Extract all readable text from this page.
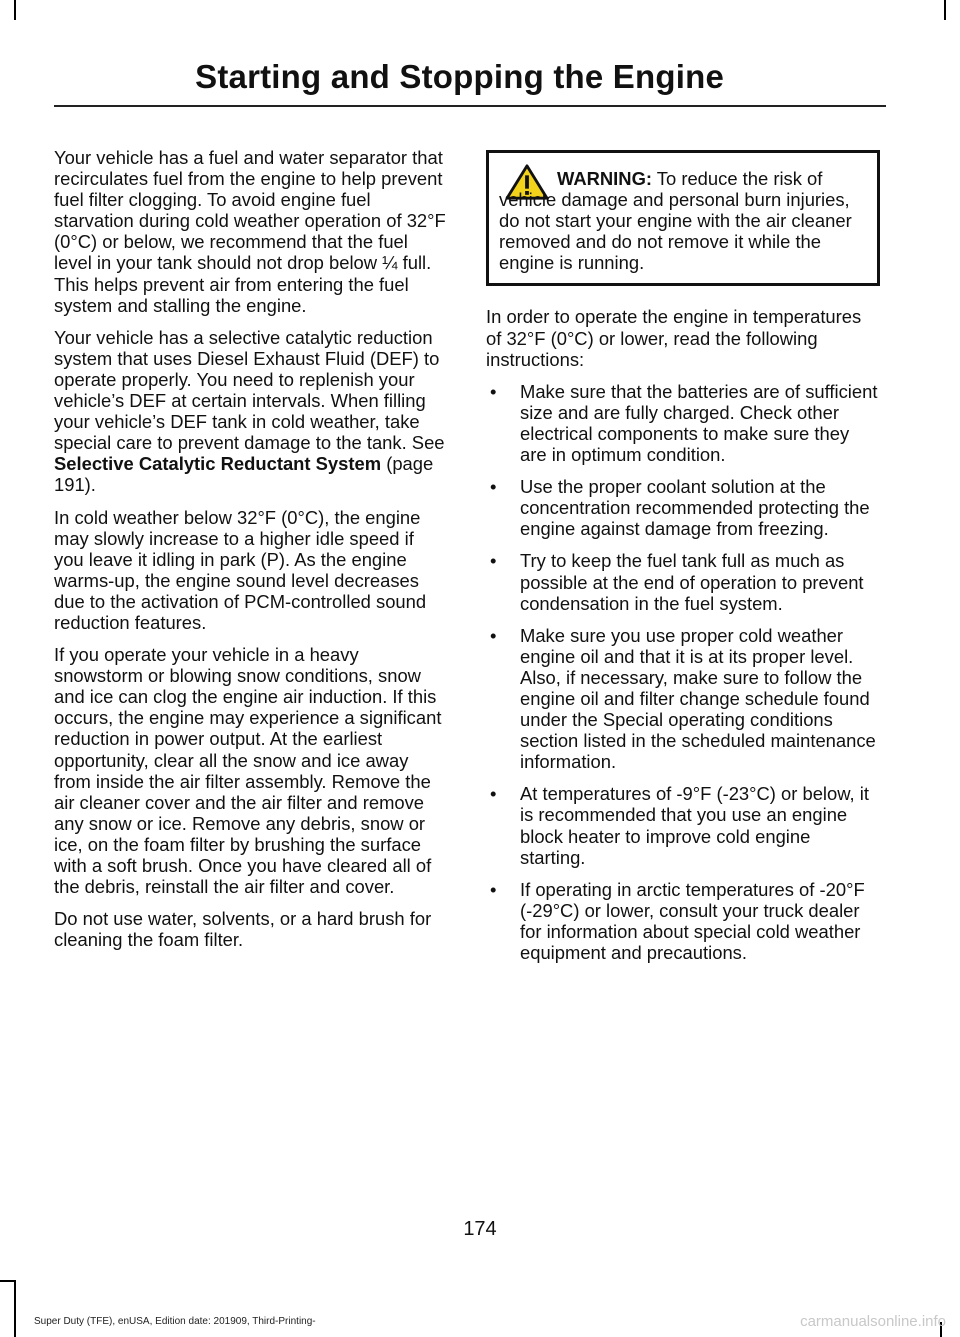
Starting and Stopping the Engine

Your vehicle has a fuel and water separator that recirculates fuel from the engine to help prevent fuel filter clogging. To avoid engine fuel starvation during cold weather operation of 32°F (0°C) or below, we recommend that the fuel level in your tank should not drop below ¼ full. This helps prevent air from entering the fuel system and stalling the engine.

Your vehicle has a selective catalytic reduction system that uses Diesel Exhaust Fluid (DEF) to operate properly. You need to replenish your vehicle’s DEF at certain intervals. When filling your vehicle’s DEF tank in cold weather, take special care to prevent damage to the tank. See Selective Catalytic Reductant System (page 191).

In cold weather below 32°F (0°C), the engine may slowly increase to a higher idle speed if you leave it idling in park (P). As the engine warms-up, the engine sound level decreases due to the activation of PCM-controlled sound reduction features.

If you operate your vehicle in a heavy snowstorm or blowing snow conditions, snow and ice can clog the engine air induction. If this occurs, the engine may experience a significant reduction in power output. At the earliest opportunity, clear all the snow and ice away from inside the air filter assembly. Remove the air cleaner cover and the air filter and remove any snow or ice. Remove any debris, snow or ice, on the foam filter by brushing the surface with a soft brush. Once you have cleared all of the debris, reinstall the air filter and cover.

Do not use water, solvents, or a hard brush for cleaning the foam filter.

WARNING: To reduce the risk of vehicle damage and personal burn injuries, do not start your engine with the air cleaner removed and do not remove it while the engine is running.

In order to operate the engine in temperatures of 32°F (0°C) or lower, read the following instructions:

• Make sure that the batteries are of sufficient size and are fully charged. Check other electrical components to make sure they are in optimum condition.
• Use the proper coolant solution at the concentration recommended protecting the engine against damage from freezing.
• Try to keep the fuel tank full as much as possible at the end of operation to prevent condensation in the fuel system.
• Make sure you use proper cold weather engine oil and that it is at its proper level. Also, if necessary, make sure to follow the engine oil and filter change schedule found under the Special operating conditions section listed in the scheduled maintenance information.
• At temperatures of -9°F (-23°C) or below, it is recommended that you use an engine block heater to improve cold engine starting.
• If operating in arctic temperatures of -20°F (-29°C) or lower, consult your truck dealer for information about special cold weather equipment and precautions.
174
Super Duty (TFE), enUSA, Edition date: 201909, Third-Printing-	carmanualsonline.info
